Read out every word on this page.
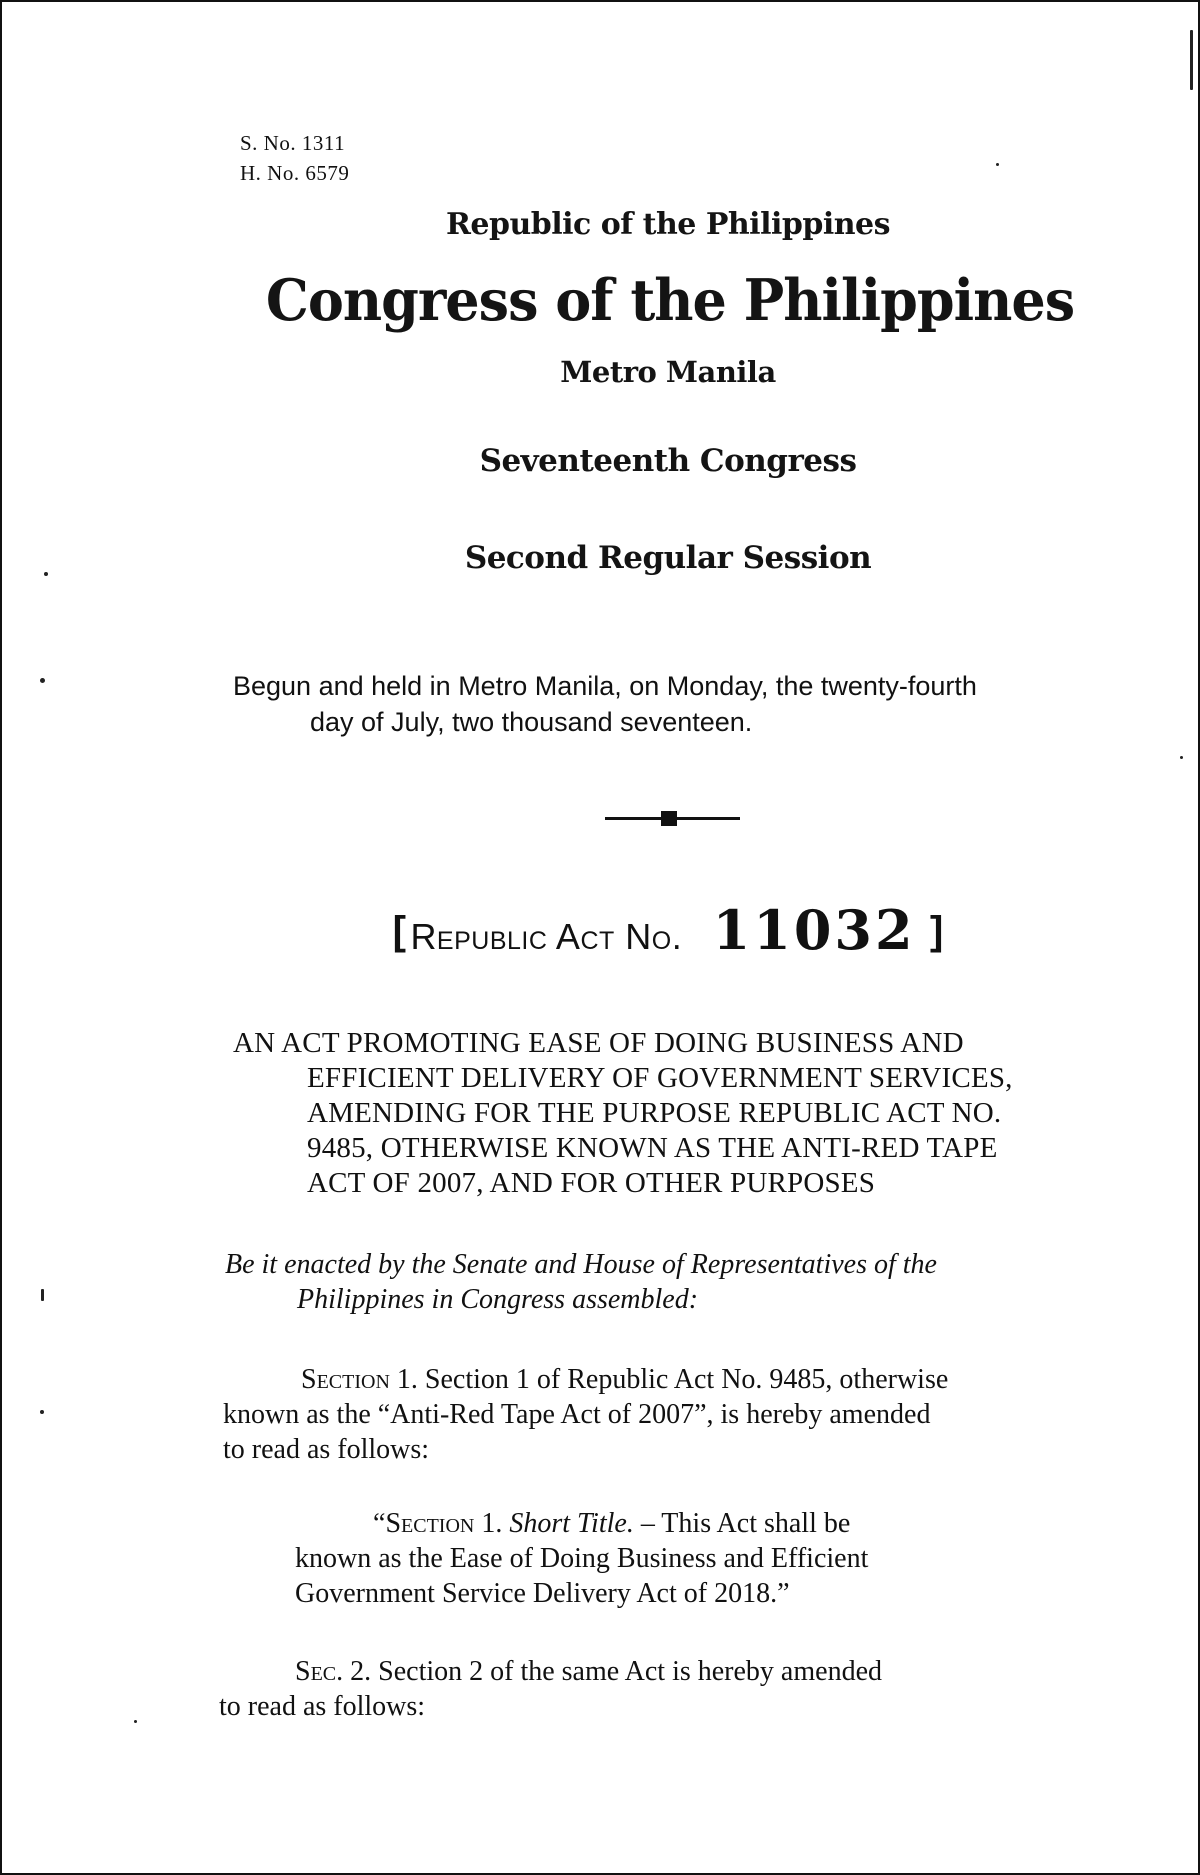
S. No. 1311
H. No. 6579
Republic of the Philippines
Congress of the Philippines
Metro Manila
Seventeenth Congress
Second Regular Session
Begun and held in Metro Manila, on Monday, the twenty-fourth
day of July, two thousand seventeen.
[ Republic Act No. 11032 ]
AN ACT PROMOTING EASE OF DOING BUSINESS AND
EFFICIENT DELIVERY OF GOVERNMENT SERVICES,
AMENDING FOR THE PURPOSE REPUBLIC ACT NO.
9485, OTHERWISE KNOWN AS THE ANTI-RED TAPE
ACT OF 2007, AND FOR OTHER PURPOSES
Be it enacted by the Senate and House of Representatives of the
Philippines in Congress assembled:
Section 1. Section 1 of Republic Act No. 9485, otherwise
known as the “Anti-Red Tape Act of 2007”, is hereby amended
to read as follows:
“Section 1. Short Title. – This Act shall be
known as the Ease of Doing Business and Efficient
Government Service Delivery Act of 2018.”
Sec. 2. Section 2 of the same Act is hereby amended
to read as follows:
